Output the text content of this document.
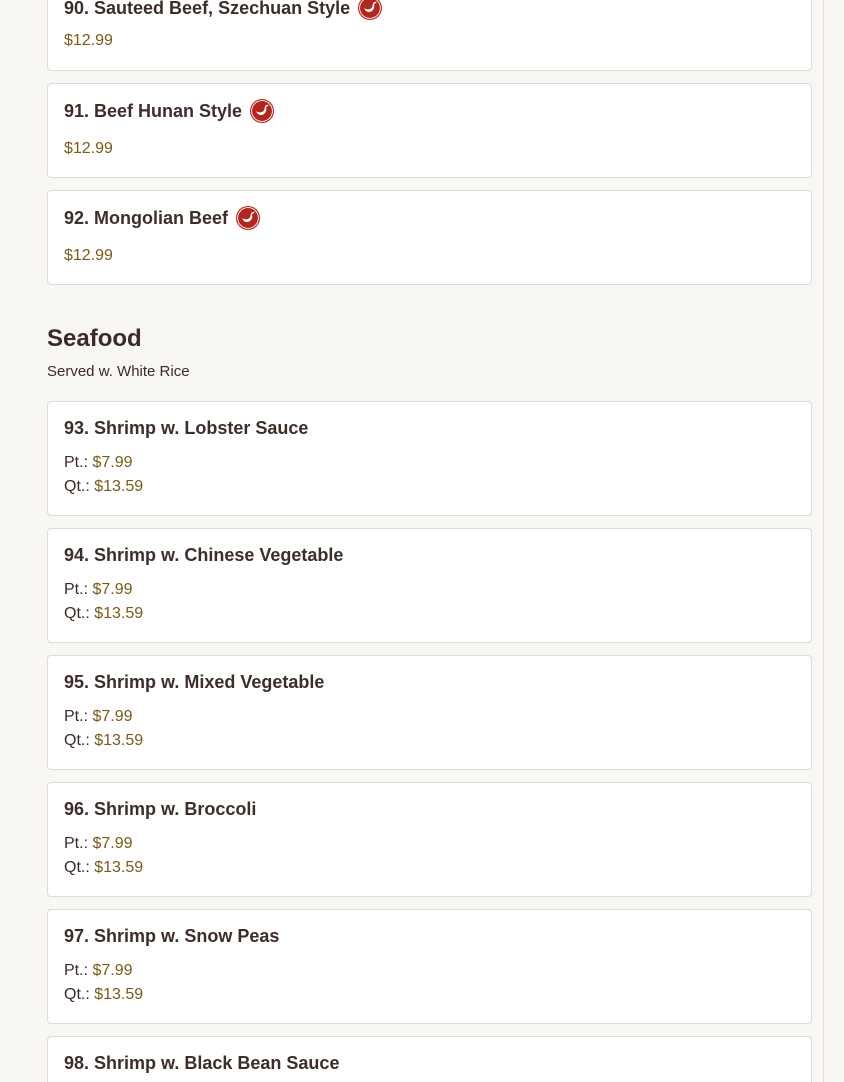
90. Sauteed Beef, Szechuan Style
$12.99
91. Beef Hunan Style
$12.99
92. Mongolian Beef
$12.99
Seafood
Served w. White Rice
93. Shrimp w. Lobster Sauce
Pt.: $7.99
Qt.: $13.59
94. Shrimp w. Chinese Vegetable
Pt.: $7.99
Qt.: $13.59
95. Shrimp w. Mixed Vegetable
Pt.: $7.99
Qt.: $13.59
96. Shrimp w. Broccoli
Pt.: $7.99
Qt.: $13.59
97. Shrimp w. Snow Peas
Pt.: $7.99
Qt.: $13.59
98. Shrimp w. Black Bean Sauce
